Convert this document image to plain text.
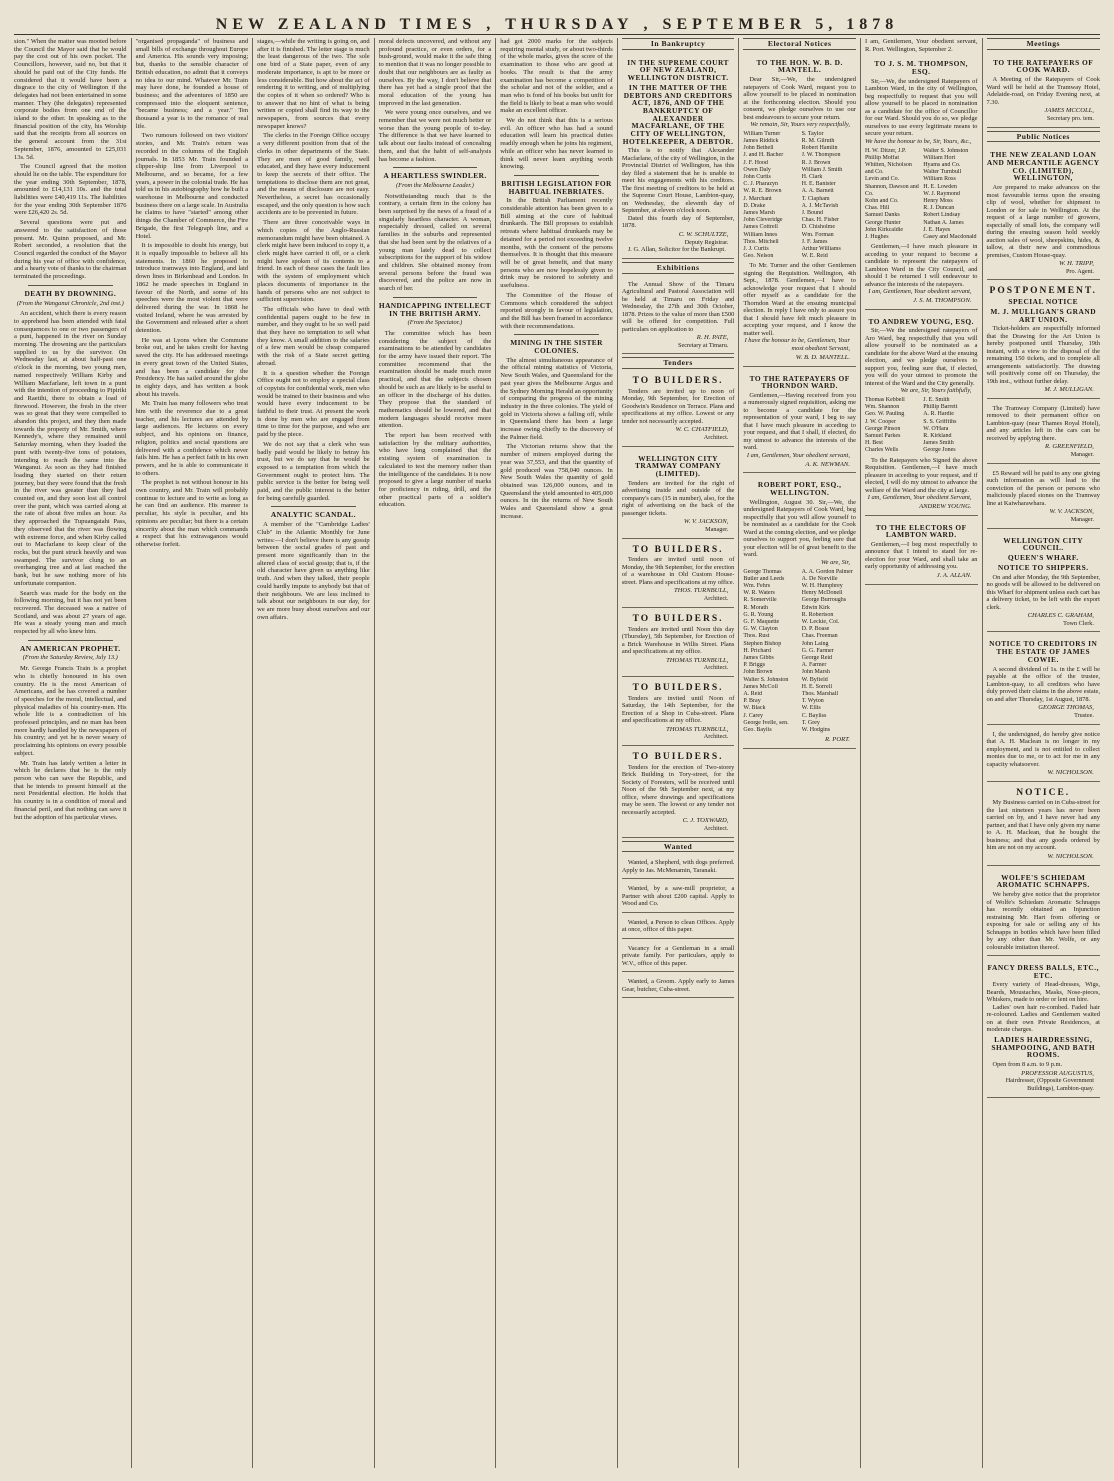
NEW ZEALAND TIMES , THURSDAY , SEPTEMBER 5, 1878

sion." When the matter was mooted before the Council the Mayor said that he would pay the cost out of his own pocket. The Councillors, however, said no, but that it should be paid out of the City funds. He considered that it would have been a disgrace to the city of Wellington if the delegates had not been entertained in some manner. They (the delegates) represented corporate bodies from one end of the island to the other. In speaking as to the financial position of the city, his Worship said that the receipts from all sources on the general account from the 31st September, 1876, amounted to £25,031 13s. 5d.

The Council agreed that the motion should lie on the table. The expenditure for the year ending 30th September, 1878, amounted to £14,131 10s. and the total liabilities were £40,419 11s. The liabilities for the year ending 30th September 1876 were £26,420 2s. 5d.

Several questions were put and answered to the satisfaction of those present. Mr. Quinn proposed, and Mr. Robert seconded, a resolution that the Council regarded the conduct of the Mayor during his year of office with confidence, and a hearty vote of thanks to the chairman terminated the proceedings.

DEATH BY DROWNING.
(From the Wanganui Chronicle, 2nd inst.)

An accident, which there is every reason to apprehend has been attended with fatal consequences to one or two passengers of a punt, happened in the river on Sunday morning. The drowning are the particulars supplied to us by the survivor. On Wednesday last, at about half-past one o'clock in the morning, two young men, named respectively William Kirby and William Macfarlane, left town in a punt with the intention of proceeding to Pipiriki and Raetihi, there to obtain a load of firewood. However, the fresh in the river was so great that they were compelled to abandon this project, and they then made towards the property of Mr. Smith, where Kennedy's, where they remained until Saturday morning, when they loaded the punt with twenty-five tons of potatoes, intending to reach the same into the Wanganui. As soon as they had finished loading they started on their return journey, but they were found that the fresh in the river was greater than they had counted on, and they soon lost all control over the punt, which was carried along at the rate of about five miles an hour. As they approached the Tupuangatahi Pass, they observed that the river was flowing with extreme force, and when Kirby called out to Macfarlane to keep clear of the rocks, but the punt struck heavily and was swamped. The survivor clung to an overhanging tree and at last reached the bank, but he saw nothing more of his unfortunate companion.

Search was made for the body on the following morning, but it has not yet been recovered. The deceased was a native of Scotland, and was about 27 years of age. He was a steady young man and much respected by all who knew him.

AN AMERICAN PROPHET.
(From the Saturday Review, July 13.)

Mr. George Francis Train is a prophet who is chiefly honoured in his own country. He is the most American of Americans, and he has covered a number of speeches for the moral, intellectual, and physical maladies of his country-men. His whole life is a contradiction of his professed principles, and no man has been more hardly handled by the newspapers of his country; and yet he is never weary of proclaiming his opinions on every possible subject.

Mr. Train has lately written a letter in which he declares that he is the only person who can save the Republic, and that he intends to present himself at the next Presidential election. He holds that his country is in a condition of moral and financial peril, and that nothing can save it but the adoption of his particular views.

"organised propaganda" of business and small bills of exchange throughout Europe and America. His sounds very imposing; but, thanks to the sensible character of British education, no admit that it conveys no idea to our mind. Whatever Mr. Train may have done, he founded a house of business; and the adventures of 1850 are compressed into the eloquent sentence, "became business; and a year." Ten thousand a year is to the romance of real life.

Two rumours followed on two visitors' stories, and Mr. Train's return was recorded in the columns of the English journals. In 1853 Mr. Train founded a clipper-ship line from Liverpool to Melbourne, and so became, for a few years, a power in the colonial trade. He has told us in his autobiography how he built a warehouse in Melbourne and conducted business there on a large scale. In Australia he claims to have "started" among other things the Chamber of Commerce, the Fire Brigade, the first Telegraph line, and a Hotel.

It is impossible to doubt his energy, but it is equally impossible to believe all his statements. In 1860 he proposed to introduce tramways into England, and laid down lines in Birkenhead and London. In 1862 he made speeches in England in favour of the North, and some of his speeches were the most violent that were delivered during the war. In 1868 he visited Ireland, where he was arrested by the Government and released after a short detention.

He was at Lyons when the Commune broke out, and he takes credit for having saved the city. He has addressed meetings in every great town of the United States, and has been a candidate for the Presidency. He has sailed around the globe in eighty days, and has written a book about his travels.

Mr. Train has many followers who treat him with the reverence due to a great teacher, and his lectures are attended by large audiences. He lectures on every subject, and his opinions on finance, religion, politics and social questions are delivered with a confidence which never fails him. He has a perfect faith in his own powers, and he is able to communicate it to others.

The prophet is not without honour in his own country, and Mr. Train will probably continue to lecture and to write as long as he can find an audience. His manner is peculiar, his style is peculiar, and his opinions are peculiar; but there is a certain sincerity about the man which commands a respect that his extravagances would otherwise forfeit.

stages,—while the writing is going on, and after it is finished. The letter stage is much the least dangerous of the two. The sole one bird of a State paper, even of any moderate importance, is apt to be more or less considerable. But how about the act of rendering it to writing, and of multiplying the copies of it when so ordered? Who is to answer that no hint of what is being written or copied shall find its way to the newspapers, from sources that every newspaper knows?

The clerks in the Foreign Office occupy a very different position from that of the clerks in other departments of the State. They are men of good family, well educated, and they have every inducement to keep the secrets of their office. The temptations to disclose them are not great, and the means of disclosure are not easy. Nevertheless, a secret has occasionally escaped, and the only question is how such accidents are to be prevented in future.

There are three conceivable ways in which copies of the Anglo-Russian memorandum might have been obtained. A clerk might have been induced to copy it, a clerk might have carried it off, or a clerk might have spoken of its contents to a friend. In each of these cases the fault lies with the system of employment which places documents of importance in the hands of persons who are not subject to sufficient supervision.

The officials who have to deal with confidential papers ought to be few in number, and they ought to be so well paid that they have no temptation to sell what they know. A small addition to the salaries of a few men would be cheap compared with the risk of a State secret getting abroad.

It is a question whether the Foreign Office ought not to employ a special class of copyists for confidential work, men who would be trained to their business and who would have every inducement to be faithful to their trust. At present the work is done by men who are engaged from time to time for the purpose, and who are paid by the piece.

We do not say that a clerk who was badly paid would be likely to betray his trust, but we do say that he would be exposed to a temptation from which the Government ought to protect him. The public service is the better for being well paid, and the public interest is the better for being carefully guarded.

ANALYTIC SCANDAL.

A member of the "Cambridge Ladies' Club" in the Atlantic Monthly for June writes:—I don't believe there is any gossip between the social grades of past and present more significantly than in the altered class of social gossip; that is, if the old character have given us anything like truth. And when they talked, their people could hardly impute to anybody but that of their neighbours. We are less inclined to talk about our neighbours in our day, for we are more busy about ourselves and our own affairs.

moral defects uncovered, and without any profound practice, or even orders, for a bush-ground, would make it the safe thing to mention that it was no longer possible to doubt that our neighbours are as faulty as ourselves. By the way, I don't believe that there has yet had a single proof that the moral education of the young has improved in the last generation.

We were young once ourselves, and we remember that we were not much better or worse than the young people of to-day. The difference is that we have learned to talk about our faults instead of concealing them, and that the habit of self-analysis has become a fashion.

A HEARTLESS SWINDLER.
(From the Melbourne Leader.)

Notwithstanding much that is the contrary, a certain firm in the colony has been surprised by the news of a fraud of a singularly heartless character. A woman, respectably dressed, called on several families in the suburbs and represented that she had been sent by the relatives of a young man lately dead to collect subscriptions for the support of his widow and children. She obtained money from several persons before the fraud was discovered, and the police are now in search of her.

HANDICAPPING INTELLECT IN THE BRITISH ARMY.
(From the Spectator.)

The committee which has been considering the subject of the examinations to be attended by candidates for the army have issued their report. The committee recommend that the examination should be made much more practical, and that the subjects chosen should be such as are likely to be useful to an officer in the discharge of his duties. They propose that the standard of mathematics should be lowered, and that modern languages should receive more attention.

The report has been received with satisfaction by the military authorities, who have long complained that the existing system of examination is calculated to test the memory rather than the intelligence of the candidates. It is now proposed to give a large number of marks for proficiency in riding, drill, and the other practical parts of a soldier's education.

had got 2000 marks for the subjects requiring mental study, or about two-thirds of the whole marks, gives the score of the examination to those who are good at books. The result is that the army examination has become a competition of the scholar and not of the soldier, and a man who is fond of his books but unfit for the field is likely to beat a man who would make an excellent officer.

We do not think that this is a serious evil. An officer who has had a sound education will learn his practical duties readily enough when he joins his regiment, while an officer who has never learned to think will never learn anything worth knowing.

BRITISH LEGISLATION FOR HABITUAL INEBRIATES.

In the British Parliament recently considerable attention has been given to a Bill aiming at the cure of habitual drunkards. The Bill proposes to establish retreats where habitual drunkards may be detained for a period not exceeding twelve months, with the consent of the persons themselves. It is thought that this measure will be of great benefit, and that many persons who are now hopelessly given to drink may be restored to sobriety and usefulness.

The Committee of the House of Commons which considered the subject reported strongly in favour of legislation, and the Bill has been framed in accordance with their recommendations.

MINING IN THE SISTER COLONIES.

The almost simultaneous appearance of the official mining statistics of Victoria, New South Wales, and Queensland for the past year gives the Melbourne Argus and the Sydney Morning Herald an opportunity of comparing the progress of the mining industry in the three colonies. The yield of gold in Victoria shows a falling off, while in Queensland there has been a large increase owing chiefly to the discovery of the Palmer field.

The Victorian returns show that the number of miners employed during the year was 37,553, and that the quantity of gold produced was 758,040 ounces. In New South Wales the quantity of gold obtained was 126,000 ounces, and in Queensland the yield amounted to 405,000 ounces. In tin the returns of New South Wales and Queensland show a great increase.

In Bankruptcy
IN THE SUPREME COURT OF NEW ZEALAND, WELLINGTON DISTRICT.
IN THE MATTER OF THE DEBTORS AND CREDITORS ACT, 1876, AND OF THE BANKRUPTCY OF ALEXANDER MACFARLANE, OF THE CITY OF WELLINGTON, HOTELKEEPER, A DEBTOR.

This is to notify that Alexander Macfarlane, of the city of Wellington, in the Provincial District of Wellington, has this day filed a statement that he is unable to meet his engagements with his creditors. The first meeting of creditors to be held at the Supreme Court House, Lambton-quay, on Wednesday, the eleventh day of September, at eleven o'clock noon.

Dated this fourth day of September, 1878.

C. W. SCHULTZE,
Deputy Registrar.

J. G. Allan, Solicitor for the Bankrupt.

Exhibitions

The Annual Show of the Timaru Agricultural and Pastoral Association will be held at Timaru on Friday and Wednesday, the 27th and 30th October, 1878. Prizes to the value of more than £500 will be offered for competition. Full particulars on application to

R. H. PATE,
Secretary at Timaru.
Tenders
TO BUILDERS.

Tenders are invited up to noon of Monday, 9th September, for Erection of Goodwin's Residence on Terrace. Plans and specifications at my office. Lowest or any tender not necessarily accepted.

W. C. CHATFIELD,
Architect.
WELLINGTON CITY TRAMWAY COMPANY (LIMITED).

Tenders are invited for the right of advertising inside and outside of the company's cars (15 in number), also, for the right of advertising on the back of the passenger tickets.

W. V. JACKSON,
Manager.
TO BUILDERS.

Tenders are invited until noon of Monday, the 9th September, for the erection of a warehouse in Old Custom House-street. Plans and specifications at my office.

THOS. TURNBULL,
Architect.
TO BUILDERS.

Tenders are invited until Noon this day (Thursday), 5th September, for Erection of a Brick Warehouse in Willis Street. Plans and specifications at my office.

THOMAS TURNBULL,
Architect.
TO BUILDERS.

Tenders are invited until Noon of Saturday, the 14th September, for the Erection of a Shop in Cuba-street. Plans and specifications at my office.

THOMAS TURNBULL,
Architect.
TO BUILDERS.

Tenders for the erection of Two-storey Brick Building in Tory-street, for the Society of Foresters, will be received until Noon of the 9th September next, at my office, where drawings and specifications may be seen. The lowest or any tender not necessarily accepted.

C. J. TOXWARD,
Architect.
Wanted

Wanted, a Shepherd, with dogs preferred. Apply to Jas. McMenamin, Taranaki.

Wanted, by a saw-mill proprietor, a Partner with about £200 capital. Apply to Wood and Co.

Wanted, a Person to clean Offices. Apply at once, office of this paper.

Vacancy for a Gentleman in a small private family. For particulars, apply to W.V., office of this paper.

Wanted, a Groom. Apply early to James Gear, butcher, Cuba-street.

Electoral Notices
TO THE HON. W. B. D. MANTELL.

Dear Sir,—We, the undersigned ratepayers of Cook Ward, request you to allow yourself to be placed in nomination at the forthcoming election. Should you consent, we pledge ourselves to use our best endeavours to secure your return.

We remain, Sir, Yours very respectfully,
William Turner	S. Taylor
James Riddick	R. M. Gilruth
John Bethell	Robert Hamlin
J. and H. Bacher	J. W. Thompson
J. F. Hood	R. J. Brown
Owen Daly	William J. Smith
John Curtis	H. Clark
C. J. Pharazyn	H. E. Banister
W. R. E. Brown	A. A. Barnett
J. Marchant	T. Clapham
D. Drake	A. J. McTavish
James Marsh	J. Bound
John Cleveridge	Chas. H. Fisher
James Cottrell	D. Chisholme
William Innes	Wm. Forman
Thos. Mitchell	J. F. James
J. J. Curtis	Arthur Williams
Geo. Nelson	W. E. Reid

To Mr. Turner and the other Gentlemen signing the Requisition. Wellington, 4th Sept., 1878. Gentlemen,—I have to acknowledge your request that I should offer myself as a candidate for the Thorndon Ward at the ensuing municipal election. In reply I have only to assure you that I should have felt much pleasure in accepting your request, and I know the matter well.

I have the honour to be, Gentlemen, Your most obedient Servant,
W. B. D. MANTELL.
TO THE RATEPAYERS OF THORNDON WARD.

Gentlemen,—Having received from you a numerously signed requisition, asking me to become a candidate for the representation of your ward, I beg to say that I have much pleasure in acceding to your request, and that I shall, if elected, do my utmost to advance the interests of the ward.

I am, Gentlemen, Your obedient servant,
A. K. NEWMAN.
ROBERT PORT, ESQ., WELLINGTON.

Wellington, August 30. Sir,—We, the undersigned Ratepayers of Cook Ward, beg respectfully that you will allow yourself to be nominated as a candidate for the Cook Ward at the coming election, and we pledge ourselves to support you, feeling sure that your election will be of great benefit to the ward.

We are, Sir,
George Thomas	A. A. Gordon Palmer
Butler and Leeds	A. De Norville
Wm. Fehrs	W. H. Humphrey
W. R. Waters	Henry McDonell
R. Somerville	George Burroughs
R. Morath	Edwin Kirk
G. R. Young	R. Robertson
G. F. Maquette	W. Leckie, Col.
G. W. Clayton	D. P. Boase
Thos. Rust	Chas. Freeman
Stephen Bishop	John Laing
H. Prichard	G. G. Farmer
James Gibbs	George Reid
P. Briggs	A. Farmer
John Brown	John Marsh
Walter S. Johnston	W. Byfield
James McColl	H. E. Sorrell
A. Reid	Thos. Marshall
P. Bray	T. Wyton
W. Black	W. Ellis
J. Carey	C. Bayliss
George Ivelle, sen.	T. Grey
Geo. Baylis	W. Hodgins
R. PORT.

I am, Gentlemen, Your obedient servant, R. Port. Wellington, September 2.

TO J. S. M. THOMPSON, ESQ.

Sir,—We, the undersigned Ratepayers of Lambton Ward, in the city of Wellington, beg respectfully to request that you will allow yourself to be placed in nomination as a candidate for the office of Councillor for our Ward. Should you do so, we pledge ourselves to use every legitimate means to secure your return.

We have the honour to be, Sir, Yours, &c.,
H. W. Ditzer, J.P.	Walter S. Johnston
Phillip Moffat	William Hort
Whitten, Nicholson	Hyams and Co.
and Co.	Walter Turnbull
Levin and Co.	William Ross
Shannon, Dawson and H. E. Lowden
Co.	W. J. Raymond
Kohn and Co.	Henry Moss
Chas. Hill	R. J. Duncan
Samuel Danks	Robert Lindsay
George Hunter	Nathan A. James
John Kirkcaldie	J. E. Hayes
J. Hughes	Casey and Macdonald

Gentlemen,—I have much pleasure in acceding to your request to become a candidate to represent the ratepayers of Lambton Ward in the City Council, and should I be returned I will endeavour to advance the interests of the ratepayers.

I am, Gentlemen, Your obedient servant,
J. S. M. THOMPSON.
TO ANDREW YOUNG, ESQ.

Sir,—We the undersigned ratepayers of Aro Ward, beg respectfully that you will allow yourself to be nominated as a candidate for the above Ward at the ensuing election, and we pledge ourselves to support you, feeling sure that, if elected, you will do your utmost to promote the interest of the Ward and the City generally.

We are, Sir, Yours faithfully,
Thomas Kebbell	J. E. Smith
Wm. Shannon	Phillip Barrett
Geo. W. Pauling	A. R. Hardie
J. W. Cooper	S. S. Griffiths
George Pinson	W. O'Hara
Samuel Parkes	R. Kirkland
H. Best	James Smith
Charles Wells	George Jones

To the Ratepayers who Signed the above Requisition. Gentlemen,—I have much pleasure in acceding to your request, and if elected, I will do my utmost to advance the welfare of the Ward and the city at large.

I am, Gentlemen, Your obedient Servant,
ANDREW YOUNG.
TO THE ELECTORS OF LAMBTON WARD.

Gentlemen,—I beg most respectfully to announce that I intend to stand for re-election for your Ward, and shall take an early opportunity of addressing you.

J. A. ALLAN.
Meetings
TO THE RATEPAYERS OF COOK WARD.

A Meeting of the Ratepayers of Cook Ward will be held at the Tramway Hotel, Adelaide-road, on Friday Evening next, at 7.30.

JAMES MCCOLL,
Secretary pro. tem.
Public Notices
THE NEW ZEALAND LOAN AND MERCANTILE AGENCY CO. (LIMITED), WELLINGTON,

Are prepared to make advances on the most favourable terms upon the ensuing clip of wool, whether for shipment to London or for sale in Wellington. At the request of a large number of growers, especially of small lots, the company will during the ensuing season hold weekly auction sales of wool, sheepskins, hides, & tallow, at their new and commodious premises, Custom House-quay.

W. H. TRIPP,
Pro. Agent.
POSTPONEMENT.
SPECIAL NOTICE
M. J. MULLIGAN'S GRAND ART UNION.

Ticket-holders are respectfully informed that the Drawing for the Art Union is hereby postponed until Thursday, 19th instant, with a view to the disposal of the remaining 150 tickets, and to complete all arrangements satisfactorily. The drawing will positively come off on Thursday, the 19th inst., without further delay.

M. J. MULLIGAN.

The Tramway Company (Limited) have removed to their permanent office on Lambton-quay (near Thames Royal Hotel), and any articles left in the cars can be received by applying there.

R. GREENFIELD,
Manager.

£5 Reward will be paid to any one giving such information as will lead to the conviction of the person or persons who maliciously placed stones on the Tramway line at Kaiwharawhara.

W. V. JACKSON,
Manager.
WELLINGTON CITY COUNCIL.
QUEEN'S WHARF.
NOTICE TO SHIPPERS.

On and after Monday, the 9th September, no goods will be allowed to be delivered on this Wharf for shipment unless each cart has a delivery ticket, to be left with the export clerk.

CHARLES C. GRAHAM,
Town Clerk.
NOTICE TO CREDITORS IN THE ESTATE OF JAMES COWIE.

A second dividend of 1s. in the £ will be payable at the office of the trustee, Lambton-quay, to all creditors who have duly proved their claims in the above estate, on and after Thursday, 1st August, 1878.

GEORGE THOMAS,
Trustee.

I, the undersigned, do hereby give notice that A. H. Maclean is no longer in my employment, and is not entitled to collect monies due to me, or to act for me in any capacity whatsoever.

W. NICHOLSON.
NOTICE.

My Business carried on in Cuba-street for the last nineteen years has never been carried on by, and I have never had any partner, and that I have only given my name to A. H. Maclean, that he bought the business; and that any goods ordered by him are not on my account.

W. NICHOLSON.
WOLFE'S SCHIEDAM AROMATIC SCHNAPPS.

We hereby give notice that the proprietor of Wolfe's Schiedam Aromatic Schnapps has recently obtained an Injunction restraining Mr. Hart from offering or exposing for sale or selling any of his Schnapps in bottles which have been filled by any other than Mr. Wolfe, or any colourable imitation thereof.

FANCY DRESS BALLS, ETC., ETC.

Every variety of Head-dresses, Wigs, Beards, Moustaches, Masks, Nose-pieces, Whiskers, made to order or lent on hire.

Ladies' own hair re-combed. Faded hair re-coloured. Ladies and Gentlemen waited on at their own Private Residences, at moderate charges.

LADIES HAIRDRESSING, SHAMPOOING, AND BATH ROOMS.

Open from 8 a.m. to 9 p.m.

PROFESSOR AUGUSTUS,
Hairdresser, (Opposite Government Buildings), Lambton-quay.
